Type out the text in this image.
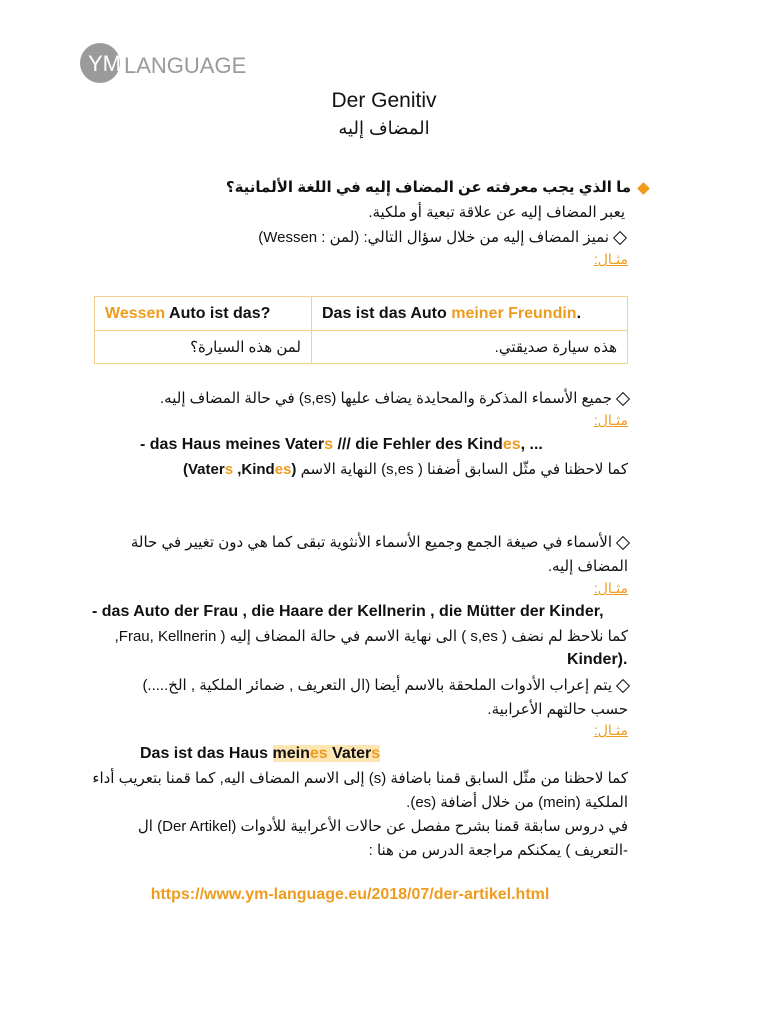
YM LANGUAGE
Der Genitiv
المضاف إليه
ما الذي يجب معرفته عن المضاف إليه في اللغة الألمانية؟
يعبر المضاف إليه عن علاقة تبعية أو ملكية.
نميز المضاف إليه من خلال سؤال التالي: (لمن : Wessen)
مثـال:
Wessen Auto ist das?	Das ist das Auto meiner Freundin.
لمن هذه السيارة؟	هذه سيارة صديقتي.
جميع الأسماء المذكرة والمحايدة يضاف عليها (s,es) في حالة المضاف إليه.
مثـال:
- das Haus meines Vaters /// die Fehler des Kindes, ...
كما لاحظنا في مثّل السابق أضفنا ( s,es) النهاية الاسم (Vaters ,Kindes)
الأسماء في صيغة الجمع وجميع الأسماء الأنثوية تبقى كما هي دون تغيير في حالة
المضاف إليه.
مثـال:
- das Auto der Frau , die Haare der Kellnerin , die Mütter der Kinder,
كما نلاحظ لم نضف ( s,es ) الى نهاية الاسم في حالة المضاف إليه ( Frau, Kellnerin,
Kinder).
يتم إعراب الأدوات الملحقة بالاسم أيضا (ال التعريف , ضمائر الملكية , الخ.....)
حسب حالتهم الأعرابية.
مثـال:
Das ist das Haus meines Vaters
كما لاحظنا من مثّل السابق قمنا باضافة (s) إلى الاسم المضاف اليه, كما قمنا بتعريب أداء
الملكية (mein) من خلال أضافة (es).
في دروس سابقة قمنا بشرح مفصل عن حالات الأعرابية للأدوات (Der Artikel) ال
-التعريف ) يمكنكم مراجعة الدرس من هنا :
https://www.ym-language.eu/2018/07/der-artikel.html
